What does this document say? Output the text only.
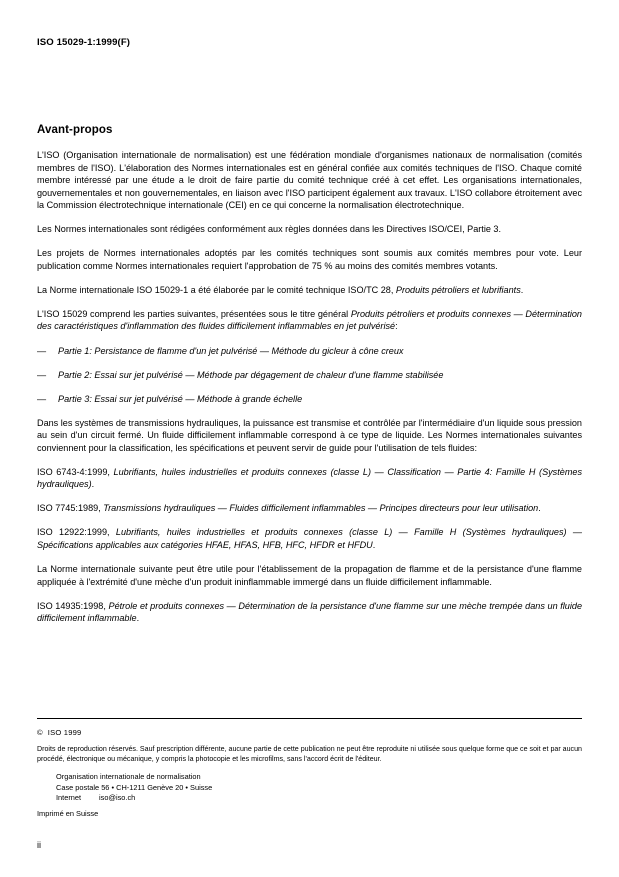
ISO 15029-1:1999(F)
Avant-propos

L'ISO (Organisation internationale de normalisation) est une fédération mondiale d'organismes nationaux de normalisation (comités membres de l'ISO). L'élaboration des Normes internationales est en général confiée aux comités techniques de l'ISO. Chaque comité membre intéressé par une étude a le droit de faire partie du comité technique créé à cet effet. Les organisations internationales, gouvernementales et non gouvernementales, en liaison avec l'ISO participent également aux travaux. L'ISO collabore étroitement avec la Commission électrotechnique internationale (CEI) en ce qui concerne la normalisation électrotechnique.

Les Normes internationales sont rédigées conformément aux règles données dans les Directives ISO/CEI, Partie 3.

Les projets de Normes internationales adoptés par les comités techniques sont soumis aux comités membres pour vote. Leur publication comme Normes internationales requiert l'approbation de 75 % au moins des comités membres votants.

La Norme internationale ISO 15029-1 a été élaborée par le comité technique ISO/TC 28, Produits pétroliers et lubrifiants.

L'ISO 15029 comprend les parties suivantes, présentées sous le titre général Produits pétroliers et produits connexes — Détermination des caractéristiques d'inflammation des fluides difficilement inflammables en jet pulvérisé:

— Partie 1: Persistance de flamme d'un jet pulvérisé — Méthode du gicleur à cône creux
— Partie 2: Essai sur jet pulvérisé — Méthode par dégagement de chaleur d'une flamme stabilisée
— Partie 3: Essai sur jet pulvérisé — Méthode à grande échelle

Dans les systèmes de transmissions hydrauliques, la puissance est transmise et contrôlée par l'intermédiaire d'un liquide sous pression au sein d'un circuit fermé. Un fluide difficilement inflammable correspond à ce type de liquide. Les Normes internationales suivantes conviennent pour la classification, les spécifications et peuvent servir de guide pour l'utilisation de tels fluides:

ISO 6743-4:1999, Lubrifiants, huiles industrielles et produits connexes (classe L) — Classification — Partie 4: Famille H (Systèmes hydrauliques).

ISO 7745:1989, Transmissions hydrauliques — Fluides difficilement inflammables — Principes directeurs pour leur utilisation.

ISO 12922:1999, Lubrifiants, huiles industrielles et produits connexes (classe L) — Famille H (Systèmes hydrauliques) — Spécifications applicables aux catégories HFAE, HFAS, HFB, HFC, HFDR et HFDU.

La Norme internationale suivante peut être utile pour l'établissement de la propagation de flamme et de la persistance d'une flamme appliquée à l'extrémité d'une mèche d'un produit ininflammable immergé dans un fluide difficilement inflammable.

ISO 14935:1998, Pétrole et produits connexes — Détermination de la persistance d'une flamme sur une mèche trempée dans un fluide difficilement inflammable.

© ISO 1999

Droits de reproduction réservés. Sauf prescription différente, aucune partie de cette publication ne peut être reproduite ni utilisée sous quelque forme que ce soit et par aucun procédé, électronique ou mécanique, y compris la photocopie et les microfilms, sans l'accord écrit de l'éditeur.

Organisation internationale de normalisation
Case postale 56 • CH-1211 Genève 20 • Suisse
Internet iso@iso.ch

Imprimé en Suisse

ii
